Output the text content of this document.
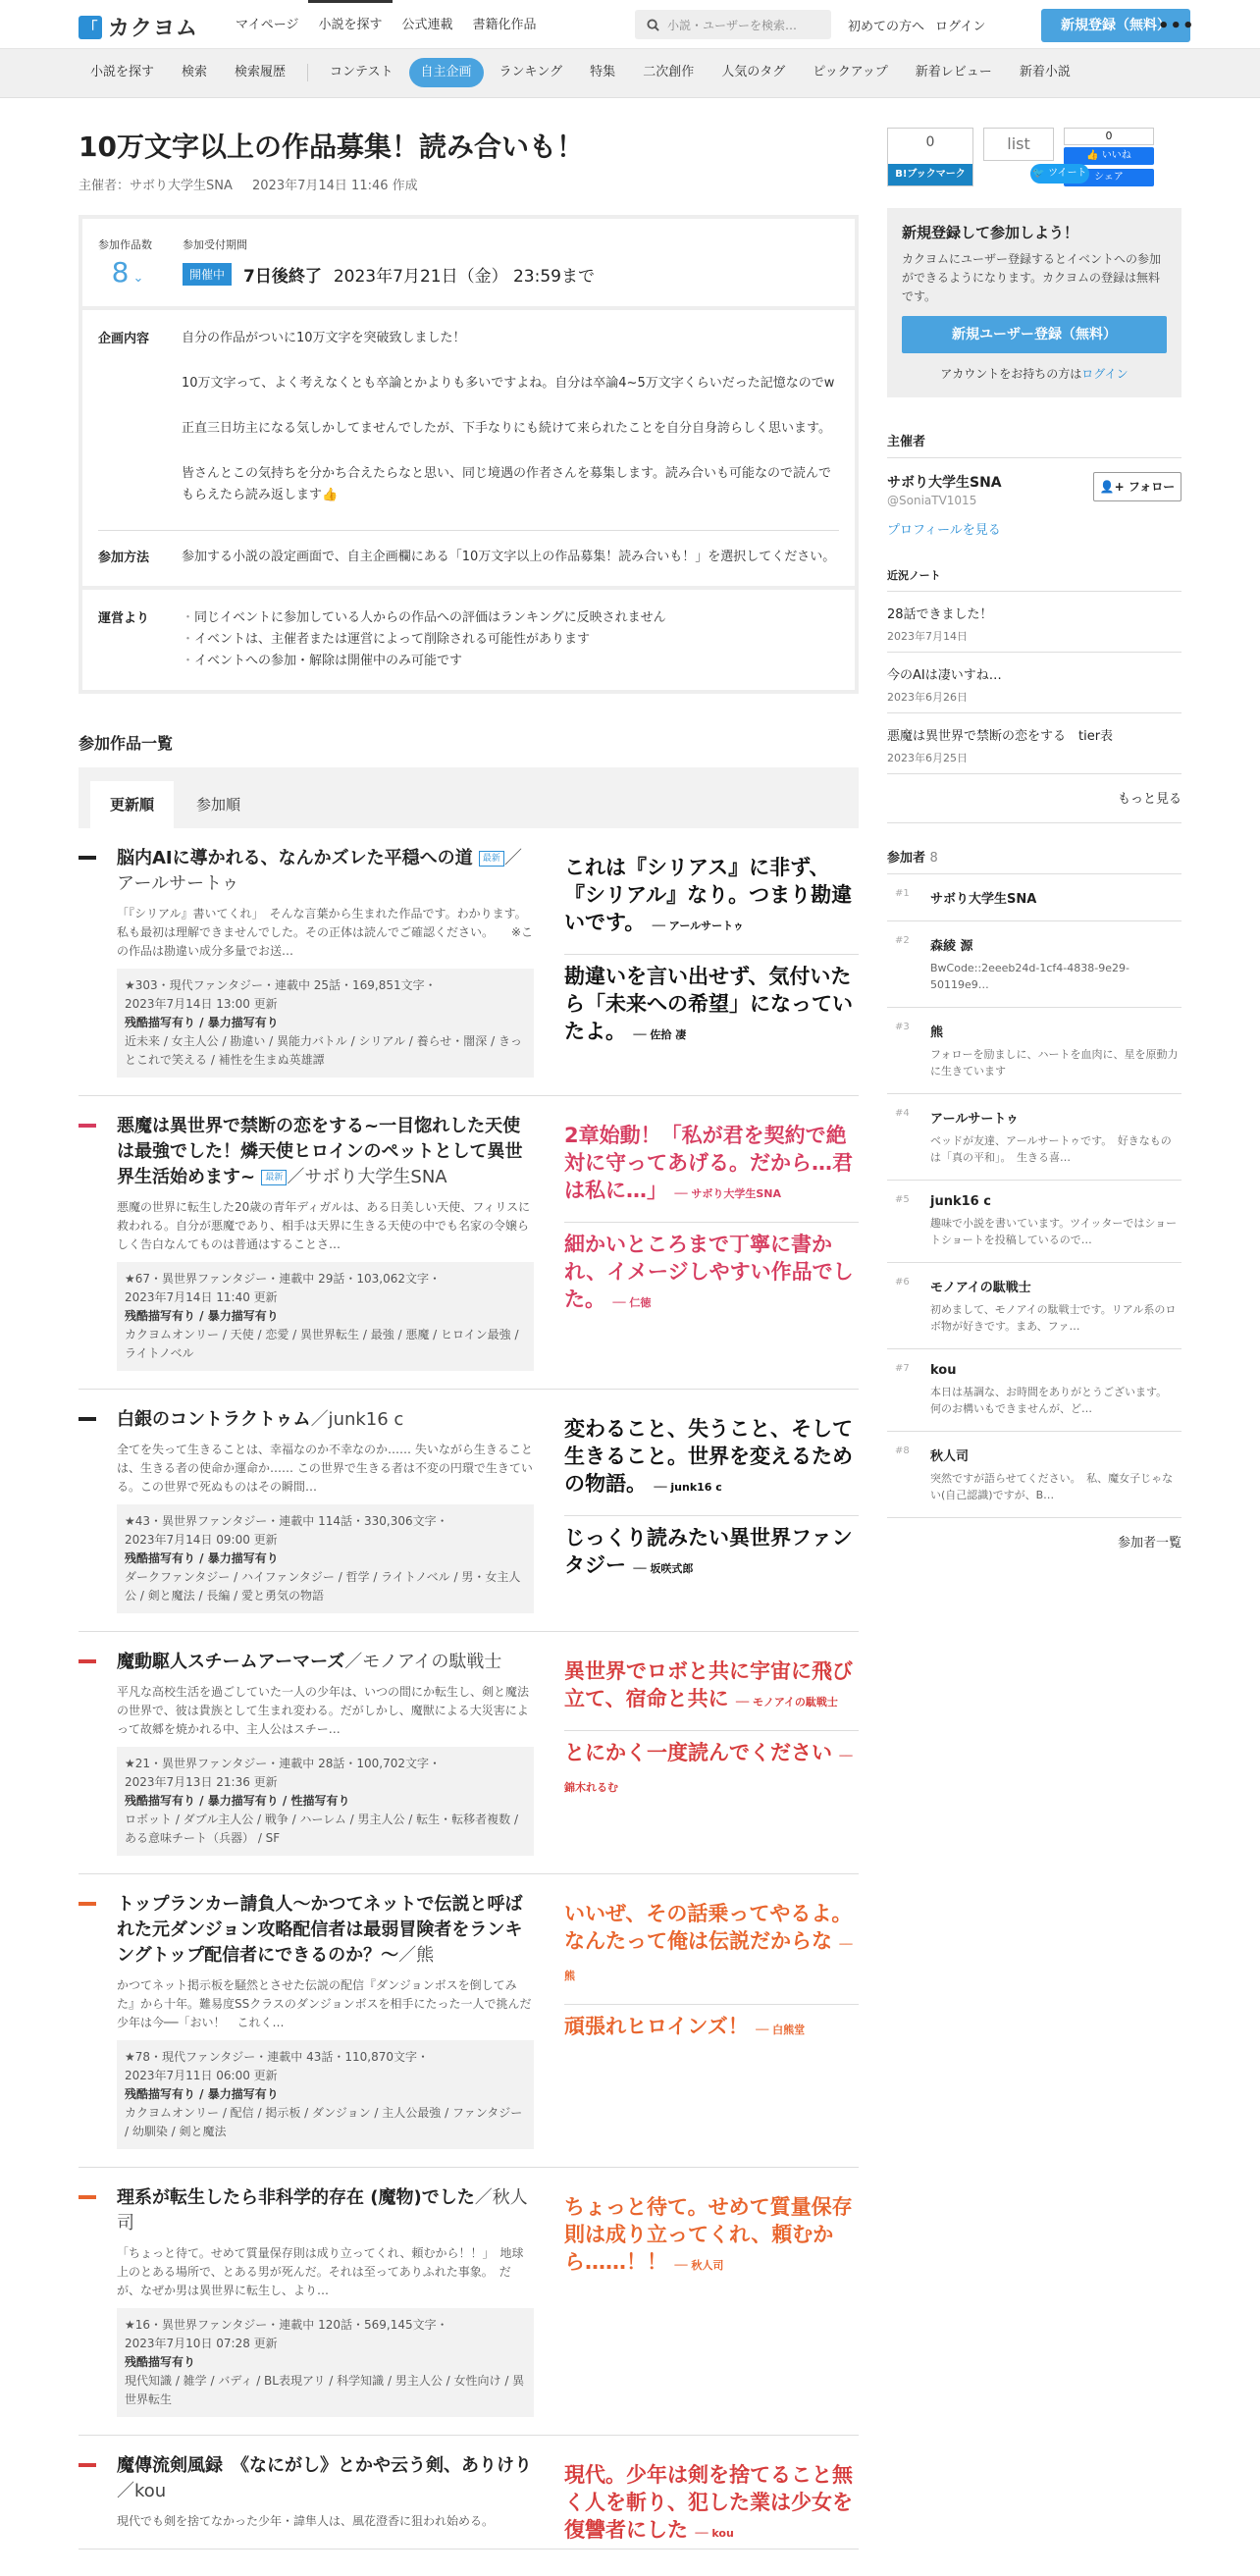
「 カクヨム	マイページ	小説を探す	公式連載	書籍化作品	小説・ユーザーを検索…	初めての方へ ログイン	新規登録（無料）
•••
小説を探す	検索	検索履歴	コンテスト	自主企画	ランキング	特集	二次創作	人気のタグ	ピックアップ	新着レビュー	新着小説
10万文字以上の作品募集！読み合いも！
主催者：サボり大学生SNA 2023年7月14日 11:46 作成
参加作品数
8 ⌄
参加受付期間
開催中	7日後終了 2023年7月21日（金） 23:59まで
企画内容	自分の作品がついに10万文字を突破致しました！

10万文字って、よく考えなくとも卒論とかよりも多いですよね。自分は卒論4~5万文字くらいだった記憶なのでw

正直三日坊主になる気しかしてませんでしたが、下手なりにも続けて来られたことを自分自身誇らしく思います。

皆さんとこの気持ちを分かち合えたらなと思い、同じ境遇の作者さんを募集します。読み合いも可能なので読んでもらえたら読み返します👍

参加方法	参加する小説の設定画面で、自主企画欄にある「10万文字以上の作品募集！読み合いも！」を選択してください。
運営より
・	同じイベントに参加している人からの作品への評価はランキングに反映されません
・ イベントは、主催者または運営によって削除される可能性があります
・ イベントへの参加・解除は開催中のみ可能です
参加作品一覧
更新順	参加順
脳内AIに導かれる、なんかズレた平穏への道 最新 ／アールサートゥ
「『シリアル』書いてくれ」　そんな言葉から生まれた作品です。わかります。私も最初は理解できませんでした。その正体は読んでご確認ください。　　※この作品は勘違い成分多量でお送…
★303・現代ファンタジー・連載中 25話・169,851文字・
2023年7月14日 13:00 更新
残酷描写有り / 暴力描写有り
近未来 / 女主人公 / 勘違い / 異能力バトル / シリアル / 養らせ・闇深 / きっとこれで笑える / 補性を生まぬ英雄譚
これは『シリアス』に非ず、『シリアル』なり。つまり勘違いです。 ── アールサートゥ
勘違いを言い出せず、気付いたら「未来への希望」になっていたよ。 ── 佐拾 凄
悪魔は異世界で禁断の恋をする~一目惚れした天使は最強でした！燐天使ヒロインのペットとして異世界生活始めます~ 最新 ／サボり大学生SNA
悪魔の世界に転生した20歳の青年ディガルは、ある日美しい天使、フィリスに救われる。自分が悪魔であり、相手は天界に生きる天使の中でも名家の令嬢らしく告白なんてものは普通はすることさ…
★67・異世界ファンタジー・連載中 29話・103,062文字・
2023年7月14日 11:40 更新
残酷描写有り / 暴力描写有り
カクヨムオンリー / 天使 / 恋愛 / 異世界転生 / 最強 / 悪魔 / ヒロイン最強 / ライトノベル
2章始動！「私が君を契約で絶対に守ってあげる。だから…君は私に…」 ── サボり大学生SNA
細かいところまで丁寧に書かれ、イメージしやすい作品でした。 ── 仁徳
白銀のコントラクトゥム／junk16 c
全てを失って生きることは、幸福なのか不幸なのか…… 失いながら生きることは、生きる者の使命か運命か…… この世界で生きる者は不変の円環で生きている。この世界で死ぬものはその瞬間…
★43・異世界ファンタジー・連載中 114話・330,306文字・
2023年7月14日 09:00 更新
残酷描写有り / 暴力描写有り
ダークファンタジー / ハイファンタジー / 哲学 / ライトノベル / 男・女主人公 / 剣と魔法 / 長編 / 愛と勇気の物語
変わること、失うこと、そして生きること。世界を変えるための物語。 ── junk16 c
じっくり読みたい異世界ファンタジー ── 坂咲式郎
魔動駆人スチームアーマーズ／モノアイの駄戦士
平凡な高校生活を過ごしていた一人の少年は、いつの間にか転生し、剣と魔法の世界で、彼は貴族として生まれ変わる。だがしかし、魔獣による大災害によって故郷を焼かれる中、主人公はスチー…
★21・異世界ファンタジー・連載中 28話・100,702文字・
2023年7月13日 21:36 更新
残酷描写有り / 暴力描写有り / 性描写有り
ロボット / ダブル主人公 / 戦争 / ハーレム / 男主人公 / 転生・転移者複数 / ある意味チート（兵器） / SF
異世界でロボと共に宇宙に飛び立て、宿命と共に ── モノアイの駄戦士
とにかく一度読んでください ── 錦木れるむ
トップランカー請負人〜かつてネットで伝説と呼ばれた元ダンジョン攻略配信者は最弱冒険者をランキングトップ配信者にできるのか？〜／熊
かつてネット掲示板を騒然とさせた伝説の配信『ダンジョンボスを倒してみた』から十年。難易度SSクラスのダンジョンボスを相手にたった一人で挑んだ少年は今──「おい！　これく…
★78・現代ファンタジー・連載中 43話・110,870文字・
2023年7月11日 06:00 更新
残酷描写有り / 暴力描写有り
カクヨムオンリー / 配信 / 掲示板 / ダンジョン / 主人公最強 / ファンタジー / 幼馴染 / 剣と魔法
いいぜ、その話乗ってやるよ。なんたって俺は伝説だからな ── 熊
頑張れヒロインズ！ ── 白熊堂
理系が転生したら非科学的存在 (魔物)でした／秋人司
「ちょっと待て。せめて質量保存則は成り立ってくれ、頼むから！！」　地球上のとある場所で、とある男が死んだ。それは至ってありふれた事象。　だが、なぜか男は異世界に転生し、より…
★16・異世界ファンタジー・連載中 120話・569,145文字・
2023年7月10日 07:28 更新
残酷描写有り
現代知識 / 雑学 / バディ / BL表現アリ / 科学知識 / 男主人公 / 女性向け / 異世界転生
ちょっと待て。せめて質量保存則は成り立ってくれ、頼むから……！！ ── 秋人司
魔傳流剣風録　《なにがし》とかや云う剣、ありけり／kou
現代でも剣を捨てなかった少年・諱隼人は、風花澄香に狙われ始める。
現代。少年は剣を捨てること無く人を斬り、犯した業は少女を復讐者にした ── kou
0
B!ブックマーク
list	0
👍 いいね
シェア
🐦 ツイート
新規登録して参加しよう！

カクヨムにユーザー登録するとイベントへの参加ができるようになります。カクヨムの登録は無料です。

新規ユーザー登録（無料）
アカウントをお持ちの方はログイン
主催者
サボり大学生SNA
@SoniaTV1015
プロフィールを見る
👤+ フォロー
近況ノート
28話できました！
2023年7月14日
今のAIは凄いすね…
2023年6月26日
悪魔は異世界で禁断の恋をする　tier表
2023年6月25日
もっと見る
参加者 8
#1 サボり大学生SNA
#2 森綾 源
BwCode::2eeeb24d-1cf4-4838-9e29-50119e9…
#3 熊
フォローを励ましに、ハートを血肉に、星を原動力に生きています
#4 アールサートゥ
ベッドが友達、アールサートゥです。　好きなものは「真の平和」。　生きる喜…
#5 junk16 c
趣味で小説を書いています。ツイッターではショートショートを投稿しているので…
#6 モノアイの駄戦士
初めまして、モノアイの駄戦士です。リアル系のロボ物が好きです。まあ、ファ…
#7 kou
本日は基調な、お時間をありがとうございます。　何のお構いもできませんが、ど…
#8 秋人司
突然ですが語らせてください。　私、魔女子じゃない(自己認識)ですが、B…
参加者一覧
